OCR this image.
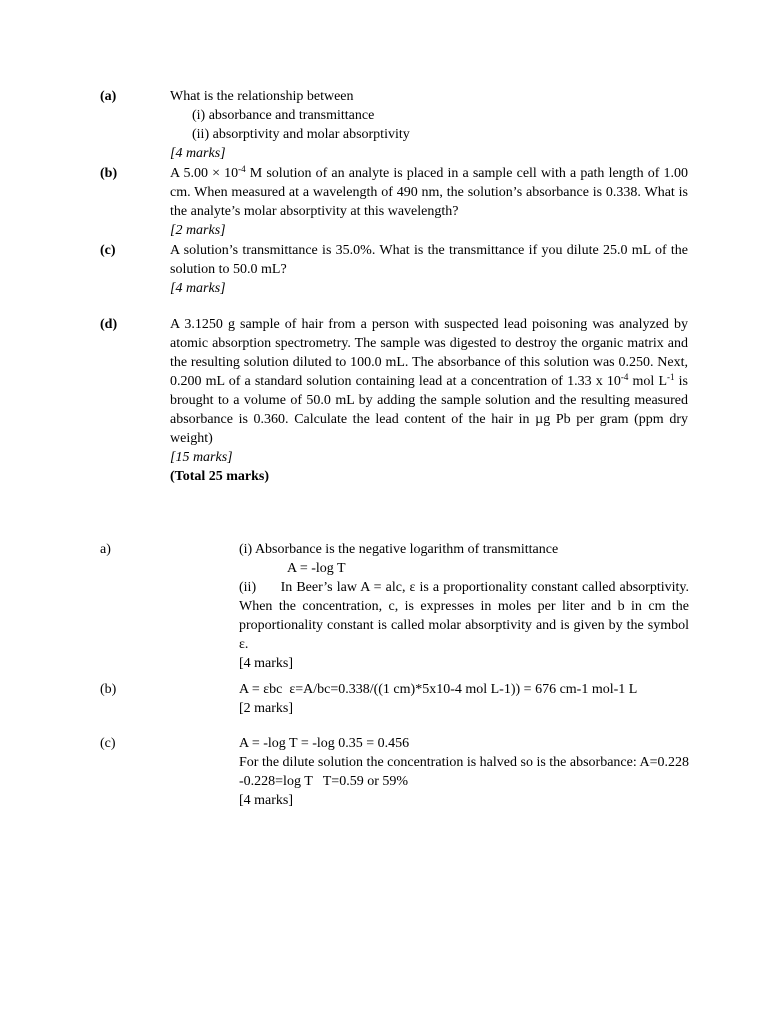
(a)	What is the relationship between

(i) absorbance and transmittance

(ii) absorptivity and molar absorptivity

[4 marks]

(b)	A $5.00 \times 10^{-4}$ M solution of an analyte is placed in a sample cell with a path length of 1.00 cm. When measured at a wavelength of 490 nm, the solution’s absorbance is 0.338. What is the analyte’s molar absorptivity at this wavelength?

[2 marks]

(c)	A solution’s transmittance is 35.0%. What is the transmittance if you dilute 25.0 mL of the solution to 50.0 mL?

[4 marks]

(d)	A 3.1250 g sample of hair from a person with suspected lead poisoning was analyzed by atomic absorption spectrometry. The sample was digested to destroy the organic matrix and the resulting solution diluted to 100.0 mL. The absorbance of this solution was 0.250. Next, 0.200 mL of a standard solution containing lead at a concentration of 1.33 x $10^{-4}$ mol $L^{-1}$ is brought to a volume of 50.0 mL by adding the sample solution and the resulting measured absorbance is 0.360. Calculate the lead content of the hair in µg Pb per gram (ppm dry weight)

[15 marks]

(Total 25 marks)

a)	(i) Absorbance is the negative logarithm of transmittance

A = -log T

(ii)      In Beer’s law A = alc, ε is a proportionality constant called absorptivity. When the concentration, c, is expresses in moles per liter and b in cm the proportionality constant is called molar absorptivity and is given by the symbol ε.

[4 marks]

(b)	A = εbc  ε=A/bc=0.338/((1 cm)*5x10-4 mol L-1)) = 676 cm-1 mol-1 L

[2 marks]

(c)	A = -log T = -log 0.35 = 0.456

For the dilute solution the concentration is halved so is the absorbance: A=0.228

-0.228=log T   T=0.59 or 59%

[4 marks]
